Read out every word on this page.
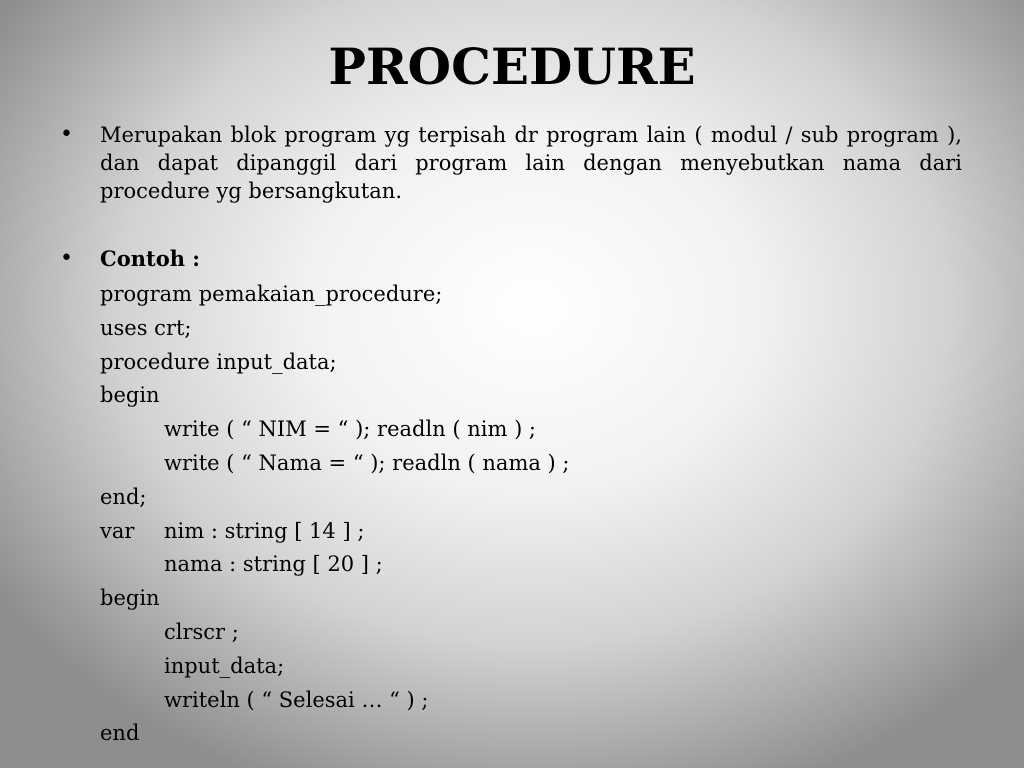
PROCEDURE
• Merupakan blok program yg terpisah dr program lain ( modul / sub program ), dan dapat dipanggil dari program lain dengan menyebutkan nama dari procedure yg bersangkutan.
• Contoh :
program pemakaian_procedure;
uses crt;
procedure input_data;
begin
write ( “ NIM = “ ); readln ( nim ) ;
write ( “ Nama = “ ); readln ( nama ) ;
end;
var nim : string [ 14 ] ;
nama : string [ 20 ] ;
begin
clrscr ;
input_data;
writeln ( “ Selesai … “ ) ;
end
